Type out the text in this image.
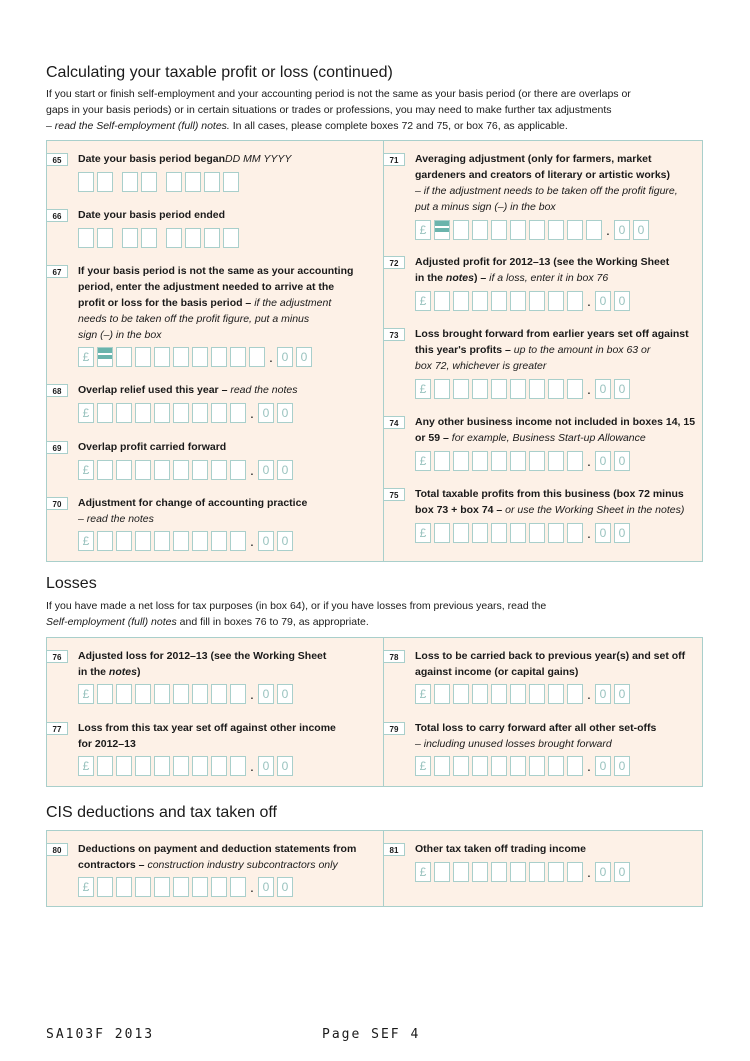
Calculating your taxable profit or loss (continued)
If you start or finish self-employment and your accounting period is not the same as your basis period (or there are overlaps or
gaps in your basis periods) or in certain situations or trades or professions, you may need to make further tax adjustments
– read the Self-employment (full) notes. In all cases, please complete boxes 72 and 75, or box 76, as applicable.
Losses
If you have made a net loss for tax purposes (in box 64), or if you have losses from previous years, read the
Self-employment (full) notes and fill in boxes 76 to 79, as appropriate.
CIS deductions and tax taken off
65	Date your basis period beganDD MM YYYY
66	Date your basis period ended
67	If your basis period is not the same as your accounting
period, enter the adjustment needed to arrive at the
profit or loss for the basis period – if the adjustment
needs to be taken off the profit figure, put a minus
sign (–) in the box
£	· 0	0
68	Overlap relief used this year – read the notes
£	· 0	0
69	Overlap profit carried forward
£	· 0	0
70	Adjustment for change of accounting practice
– read the notes
£	· 0	0
71	Averaging adjustment (only for farmers, market
gardeners and creators of literary or artistic works)
– if the adjustment needs to be taken off the profit figure,
put a minus sign (–) in the box
£	· 0	0
72	Adjusted profit for 2012–13 (see the Working Sheet
in the notes) – if a loss, enter it in box 76
£	· 0	0
73	Loss brought forward from earlier years set off against
this year's profits – up to the amount in box 63 or
box 72, whichever is greater
£	· 0	0
74	Any other business income not included in boxes 14, 15
or 59 – for example, Business Start-up Allowance
£	· 0	0
75	Total taxable profits from this business (box 72 minus
box 73 + box 74 – or use the Working Sheet in the notes)
£	· 0	0
76	Adjusted loss for 2012–13 (see the Working Sheet
in the notes)
£	· 0	0
77	Loss from this tax year set off against other income
for 2012–13
£	· 0	0
78	Loss to be carried back to previous year(s) and set off
against income (or capital gains)
£	· 0	0
79	Total loss to carry forward after all other set-offs
– including unused losses brought forward
£	· 0	0
80	Deductions on payment and deduction statements from
contractors – construction industry subcontractors only
£	· 0	0
81	Other tax taken off trading income
£	· 0	0
SA103F 2013	Page SEF 4
